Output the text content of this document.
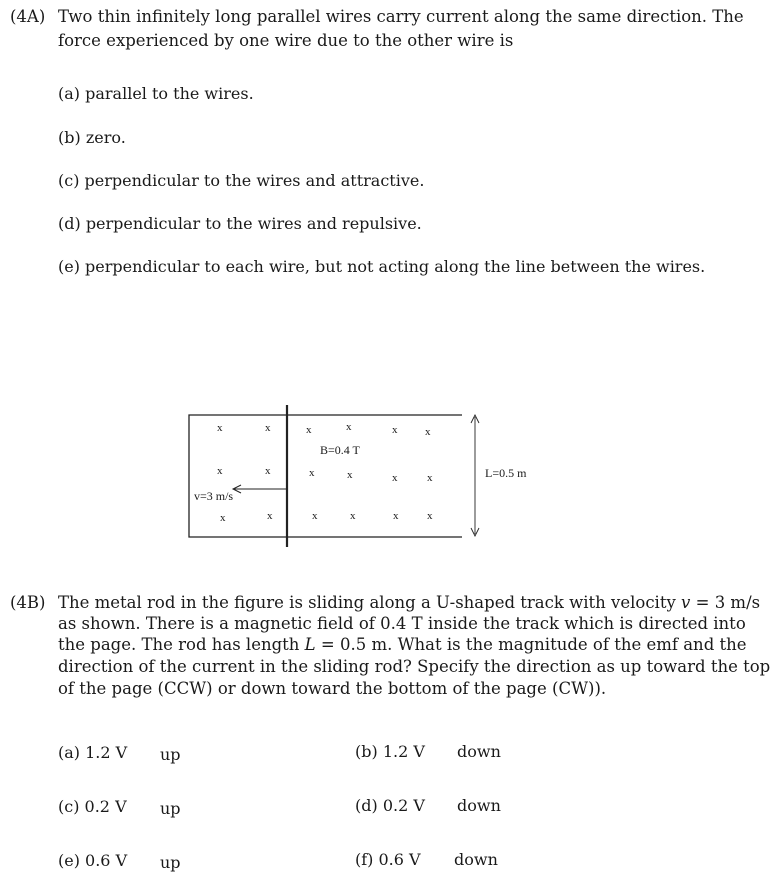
(4A) Two thin infinitely long parallel wires carry current along the same direction. The
force experienced by one wire due to the other wire is
(a) parallel to the wires.
(b) zero.
(c) perpendicular to the wires and attractive.
(d) perpendicular to the wires and repulsive.
(e) perpendicular to each wire, but not acting along the line between the wires.
x	x	x	x	x	x
x	x	x	x	x	x
x	x	x	x	x	x
B=0.4 T
v=3 m/s
L=0.5 m
(4B) The metal rod in the figure is sliding along a U-shaped track with velocity v = 3 m/s
as shown. There is a magnetic field of 0.4 T inside the track which is directed into
the page. The rod has length L = 0.5 m. What is the magnitude of the emf and the
direction of the current in the sliding rod? Specify the direction as up toward the top
of the page (CCW) or down toward the bottom of the page (CW)).
(a) 1.2 V up	(b) 1.2 V down
(c) 0.2 V up	(d) 0.2 V down
(e) 0.6 V up	(f) 0.6 V down
